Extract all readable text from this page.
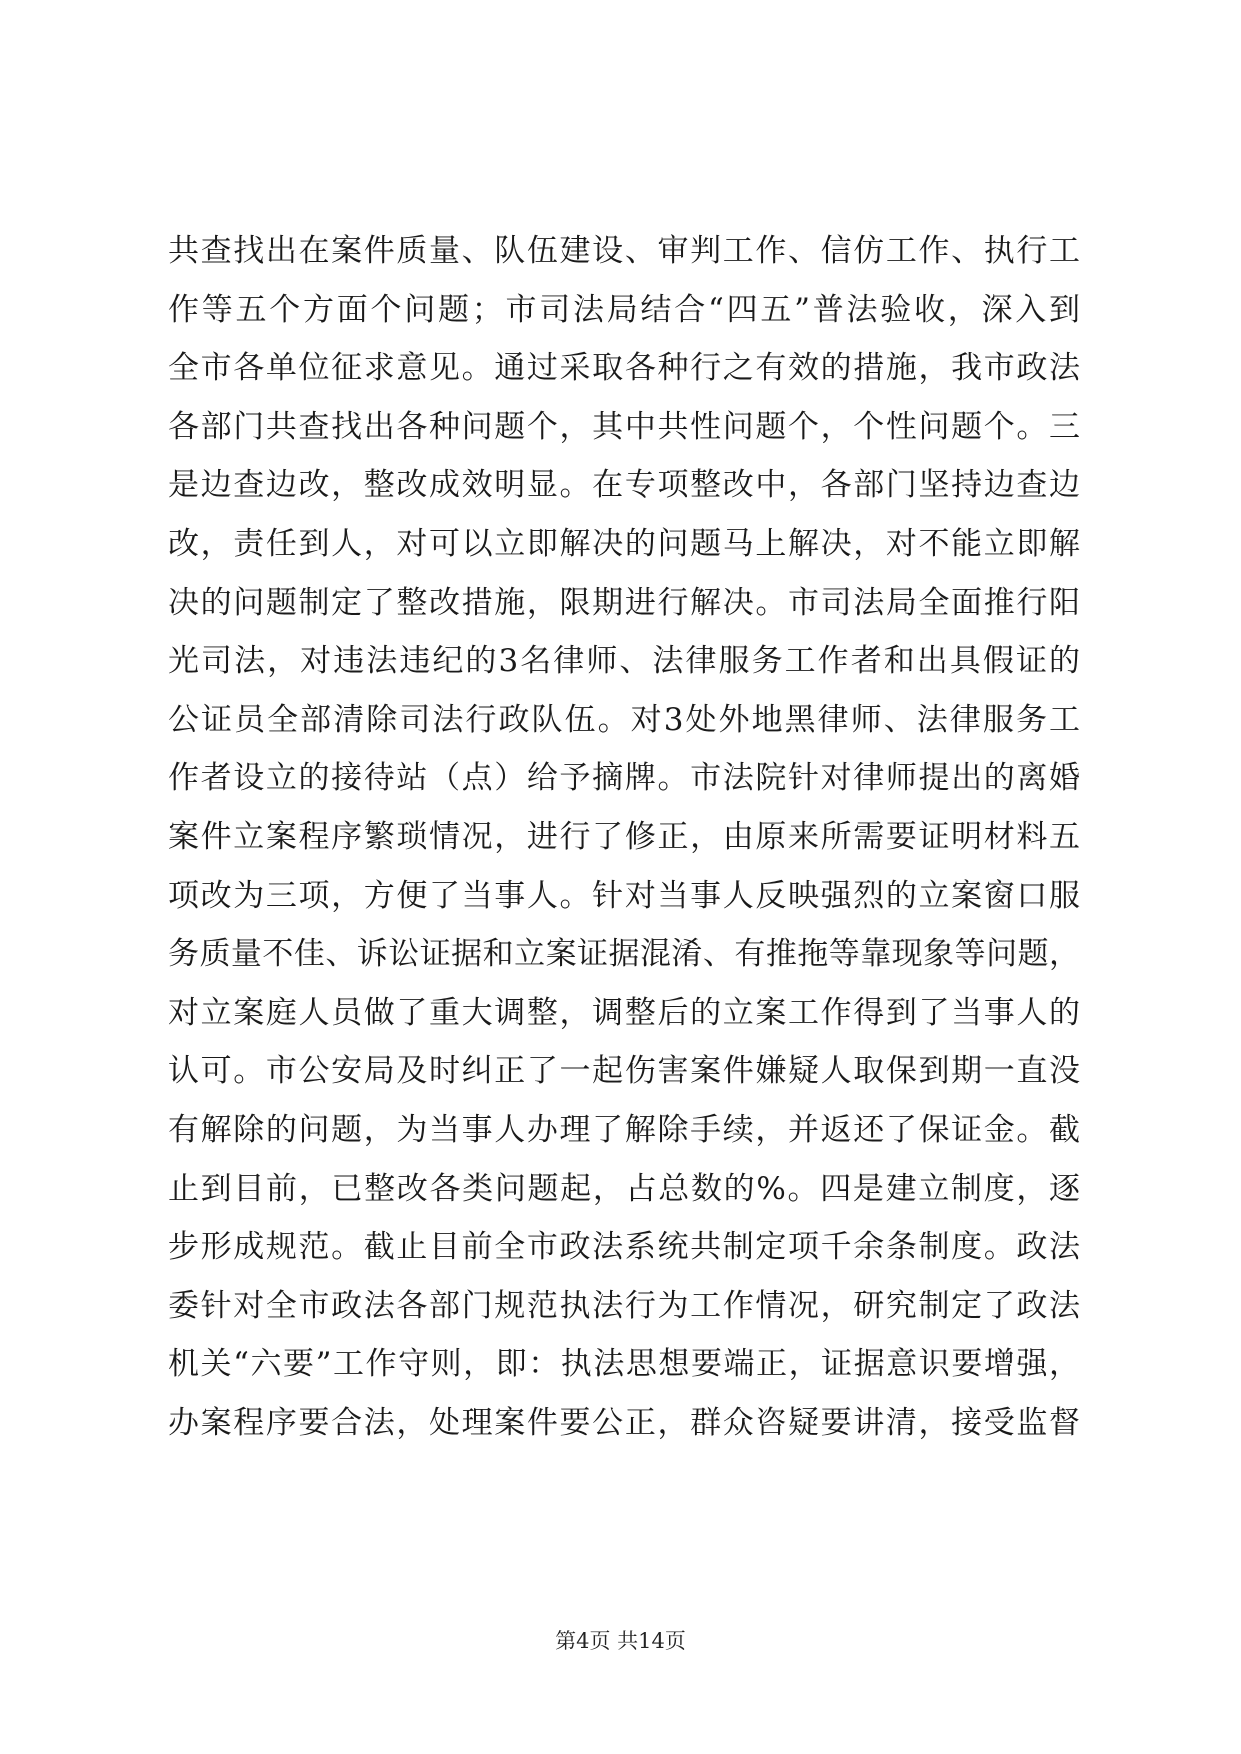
共查找出在案件质量、队伍建设、审判工作、信仿工作、执行工
作等五个方面个问题；市司法局结合“四五”普法验收，深入到
全市各单位征求意见。通过采取各种行之有效的措施，我市政法
各部门共查找出各种问题个，其中共性问题个，个性问题个。三
是边查边改，整改成效明显。在专项整改中，各部门坚持边查边
改，责任到人，对可以立即解决的问题马上解决，对不能立即解
决的问题制定了整改措施，限期进行解决。市司法局全面推行阳
光司法，对违法违纪的3名律师、法律服务工作者和出具假证的
公证员全部清除司法行政队伍。对3处外地黑律师、法律服务工
作者设立的接待站（点）给予摘牌。市法院针对律师提出的离婚
案件立案程序繁琐情况，进行了修正，由原来所需要证明材料五
项改为三项，方便了当事人。针对当事人反映强烈的立案窗口服
务质量不佳、诉讼证据和立案证据混淆、有推拖等靠现象等问题，
对立案庭人员做了重大调整，调整后的立案工作得到了当事人的
认可。市公安局及时纠正了一起伤害案件嫌疑人取保到期一直没
有解除的问题，为当事人办理了解除手续，并返还了保证金。截
止到目前，已整改各类问题起，占总数的%。四是建立制度，逐
步形成规范。截止目前全市政法系统共制定项千余条制度。政法
委针对全市政法各部门规范执法行为工作情况，研究制定了政法
机关“六要”工作守则，即：执法思想要端正，证据意识要增强，
办案程序要合法，处理案件要公正，群众咨疑要讲清，接受监督
第4页 共14页
